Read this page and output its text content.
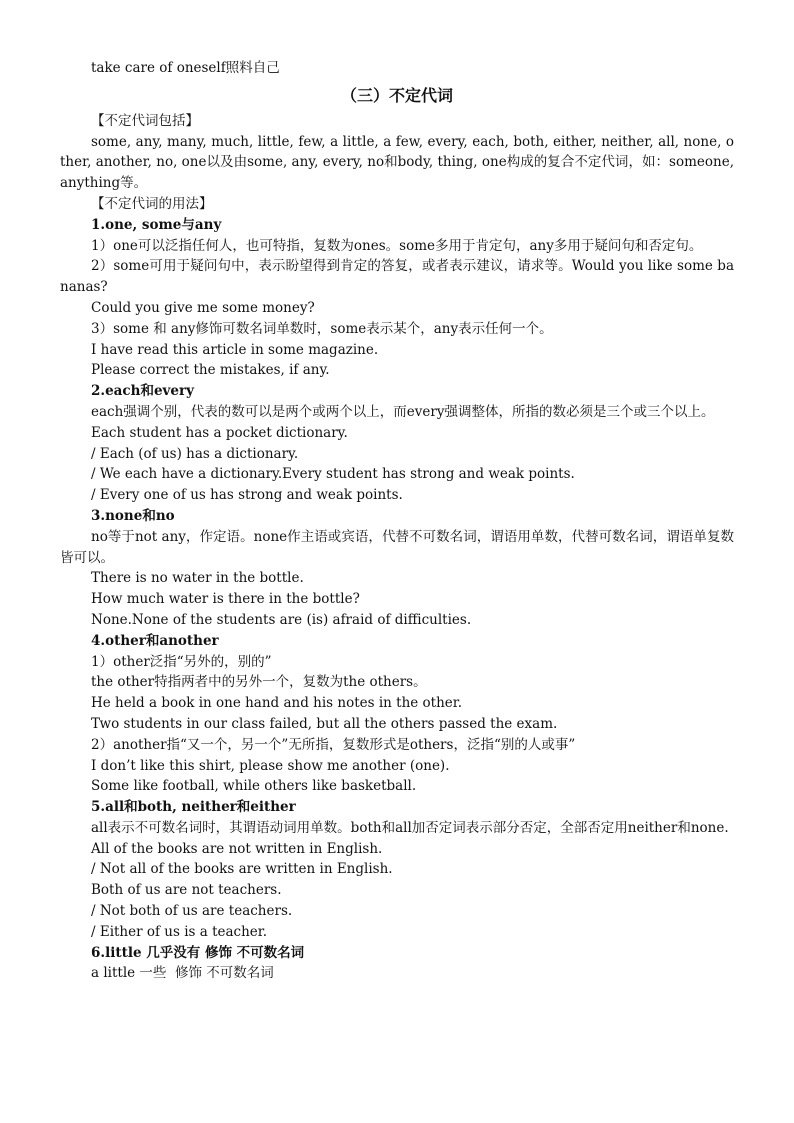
take care of oneself照料自己
（三）不定代词
【不定代词包括】
some, any, many, much, little, few, a little, a few, every, each, both, either, neither, all, none, other, another, no, one以及由some, any, every, no和body, thing, one构成的复合不定代词，如：someone, anything等。
【不定代词的用法】
1.one, some与any
1）one可以泛指任何人，也可特指，复数为ones。some多用于肯定句，any多用于疑问句和否定句。
2）some可用于疑问句中，表示盼望得到肯定的答复，或者表示建议，请求等。Would you like some bananas?
Could you give me some money?
3）some 和 any修饰可数名词单数时，some表示某个，any表示任何一个。
I have read this article in some magazine.
Please correct the mistakes, if any.
2.each和every
each强调个别，代表的数可以是两个或两个以上，而every强调整体，所指的数必须是三个或三个以上。
Each student has a pocket dictionary.
/ Each (of us) has a dictionary.
/ We each have a dictionary.Every student has strong and weak points.
/ Every one of us has strong and weak points.
3.none和no
no等于not any，作定语。none作主语或宾语，代替不可数名词，谓语用单数，代替可数名词，谓语单复数皆可以。
There is no water in the bottle.
How much water is there in the bottle?
None.None of the students are (is) afraid of difficulties.
4.other和another
1）other泛指“另外的，别的”
the other特指两者中的另外一个，复数为the others。
He held a book in one hand and his notes in the other.
Two students in our class failed, but all the others passed the exam.
2）another指“又一个，另一个”无所指，复数形式是others，泛指“别的人或事”
I don’t like this shirt, please show me another (one).
Some like football, while others like basketball.
5.all和both, neither和either
all表示不可数名词时，其谓语动词用单数。both和all加否定词表示部分否定，全部否定用neither和none.
All of the books are not written in English.
/ Not all of the books are written in English.
Both of us are not teachers.
/ Not both of us are teachers.
/ Either of us is a teacher.
6.little 几乎没有 修饰 不可数名词
a little 一些  修饰 不可数名词
